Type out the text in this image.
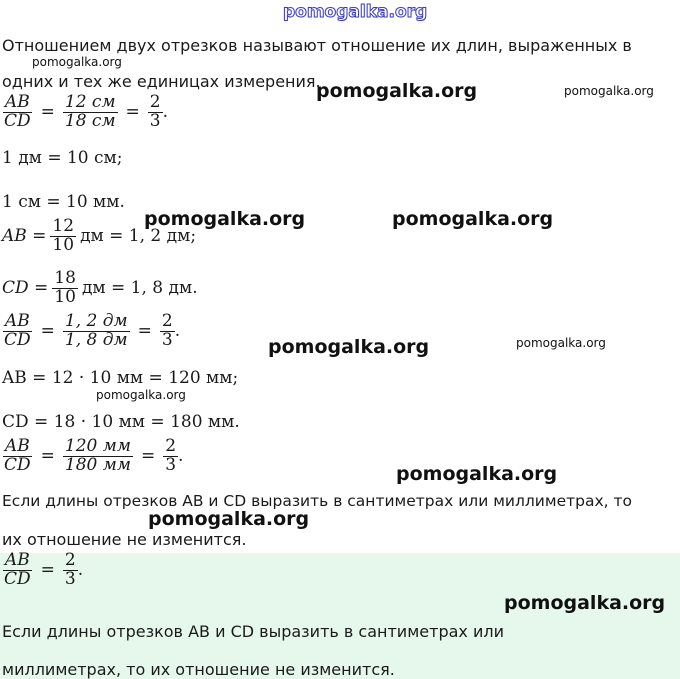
pomogalka.org
Отношением двух отрезков называют отношение их длин, выраженных в
pomogalka.org
одних и тех же единицах измерения.
pomogalka.org	pomogalka.org
$\frac{AB}{CD} = \frac{12 см}{18 см} = \frac{2}{3}$ .
1 дм = 10 см;
1 см = 10 мм.
pomogalka.org	pomogalka.org
AB = $\frac{12}{10}$ дм = 1, 2 дм;
CD = $\frac{18}{10}$ дм = 1, 8 дм.
$\frac{AB}{CD} = \frac{1, 2 дм}{1, 8 дм} = \frac{2}{3}$ .
pomogalka.org	pomogalka.org
AB = 12 · 10 мм = 120 мм;
pomogalka.org
CD = 18 · 10 мм = 180 мм.
$\frac{AB}{CD} = \frac{120 мм}{180 мм} = \frac{2}{3}$ .
pomogalka.org
Если длины отрезков AB и CD выразить в сантиметрах или миллиметрах, то
pomogalka.org
их отношение не изменится.
$\frac{AB}{CD} = \frac{2}{3}$ .
pomogalka.org
Если длины отрезков AB и CD выразить в сантиметрах или
миллиметрах, то их отношение не изменится.
